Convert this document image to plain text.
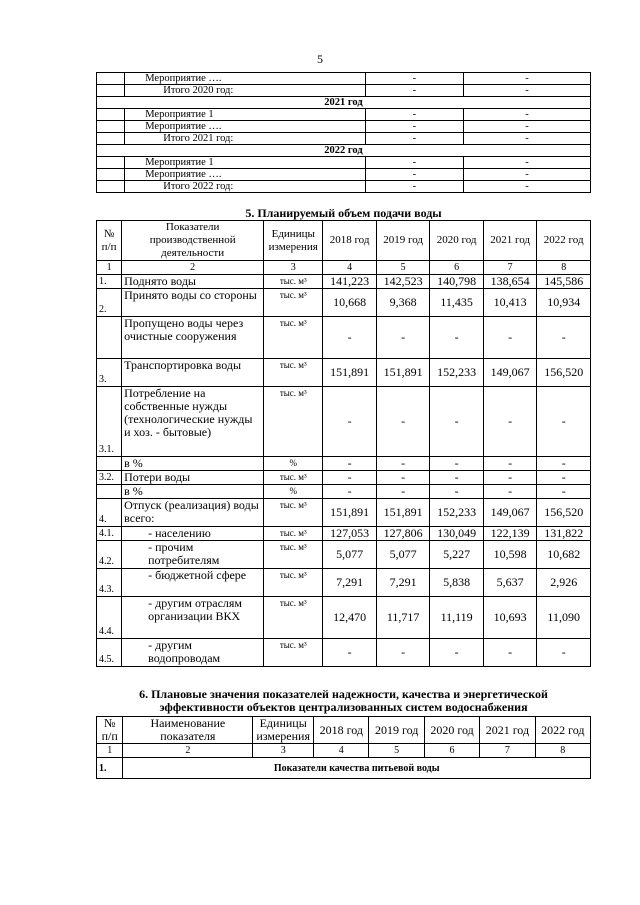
5
	Мероприятие ….	-	-
	Итого 2020 год:	-	-
2021 год			
	Мероприятие 1	-	-
	Мероприятие ….	-	-
	Итого 2021 год:	-	-
2022 год			
	Мероприятие 1	-	-
	Мероприятие ….	-	-
	Итого 2022 год:	-	-
5. Планируемый объем подачи воды
№ п/п	Показатели производственной деятельности	Единицы измерения	2018 год	2019 год	2020 год	2021 год	2022 год
1	2	3	4	5	6	7	8
1.	Поднято воды	тыс. м³	141,223	142,523	140,798	138,654	145,586
2.	Принято воды со стороны	тыс. м³	10,668	9,368	11,435	10,413	10,934
	Пропущено воды через очистные сооружения	тыс. м³	-	-	-	-	-
3.	Транспортировка воды	тыс. м³	151,891	151,891	152,233	149,067	156,520
3.1.	Потребление на собственные нужды (технологические нужды и хоз. - бытовые)	тыс. м³	-	-	-	-	-
	в %	%	-	-	-	-	-
3.2.	Потери воды	тыс. м³	-	-	-	-	-
	в %	%	-	-	-	-	-
4.	Отпуск (реализация) воды всего:	тыс. м³	151,891	151,891	152,233	149,067	156,520
4.1.	- населению	тыс. м³	127,053	127,806	130,049	122,139	131,822
4.2.	- прочим потребителям	тыс. м³	5,077	5,077	5,227	10,598	10,682
4.3.	- бюджетной сфере	тыс. м³	7,291	7,291	5,838	5,637	2,926
4.4.	- другим отраслям организации ВКХ	тыс. м³	12,470	11,717	11,119	10,693	11,090
4.5.	- другим водопроводам	тыс. м³	-	-	-	-	-
6. Плановые значения показателей надежности, качества и энергетической
эффективности объектов централизованных систем водоснабжения
№ п/п	Наименование показателя	Единицы измерения	2018 год	2019 год	2020 год	2021 год	2022 год
1	2	3	4	5	6	7	8
1.	Показатели качества питьевой воды						
